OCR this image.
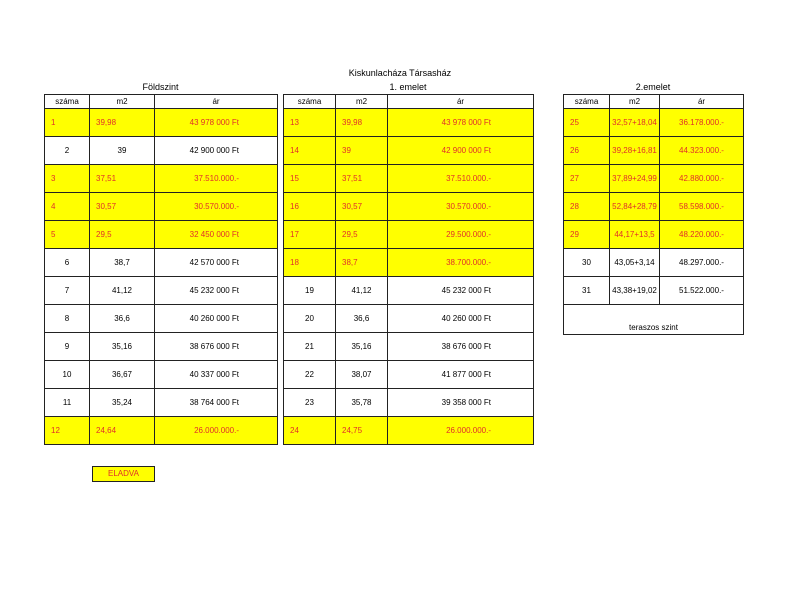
Kiskunlacháza Társasház
Földszint	1. emelet	2.emelet
száma	m2	ár
1	39,98	43 978 000 Ft
2	39	42 900 000 Ft
3	37,51	37.510.000.-
4	30,57	30.570.000.-
5	29,5	32 450 000 Ft
6	38,7	42 570 000 Ft
7	41,12	45 232 000 Ft
8	36,6	40 260 000 Ft
9	35,16	38 676 000 Ft
10	36,67	40 337 000 Ft
11	35,24	38 764 000 Ft
12	24,64	26.000.000.-
száma	m2	ár
13	39,98	43 978 000 Ft
14	39	42 900 000 Ft
15	37,51	37.510.000.-
16	30,57	30.570.000.-
17	29,5	29.500.000.-
18	38,7	38.700.000.-
19	41,12	45 232 000 Ft
20	36,6	40 260 000 Ft
21	35,16	38 676 000 Ft
22	38,07	41 877 000 Ft
23	35,78	39 358 000 Ft
24	24,75	26.000.000.-
száma	m2	ár
25	32,57+18,04	36.178.000.-
26	39,28+16,81	44.323.000.-
27	37,89+24,99	42.880.000.-
28	52,84+28,79	58.598.000.-
29	44,17+13,5	48.220.000.-
30	43,05+3,14	48.297.000.-
31	43,38+19,02	51.522.000.-
teraszos szint		
ELADVA
